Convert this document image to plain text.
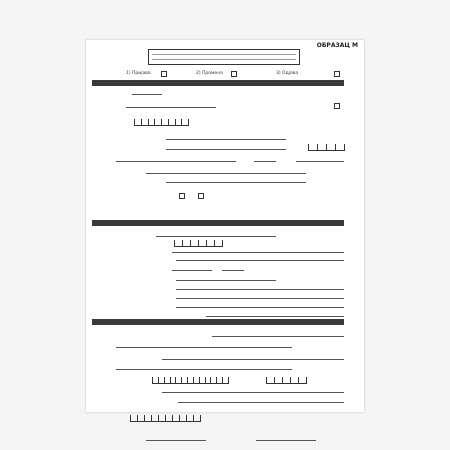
ОБРАЗАЦ М
1) Пријава	2) Промена	3) Одјава
